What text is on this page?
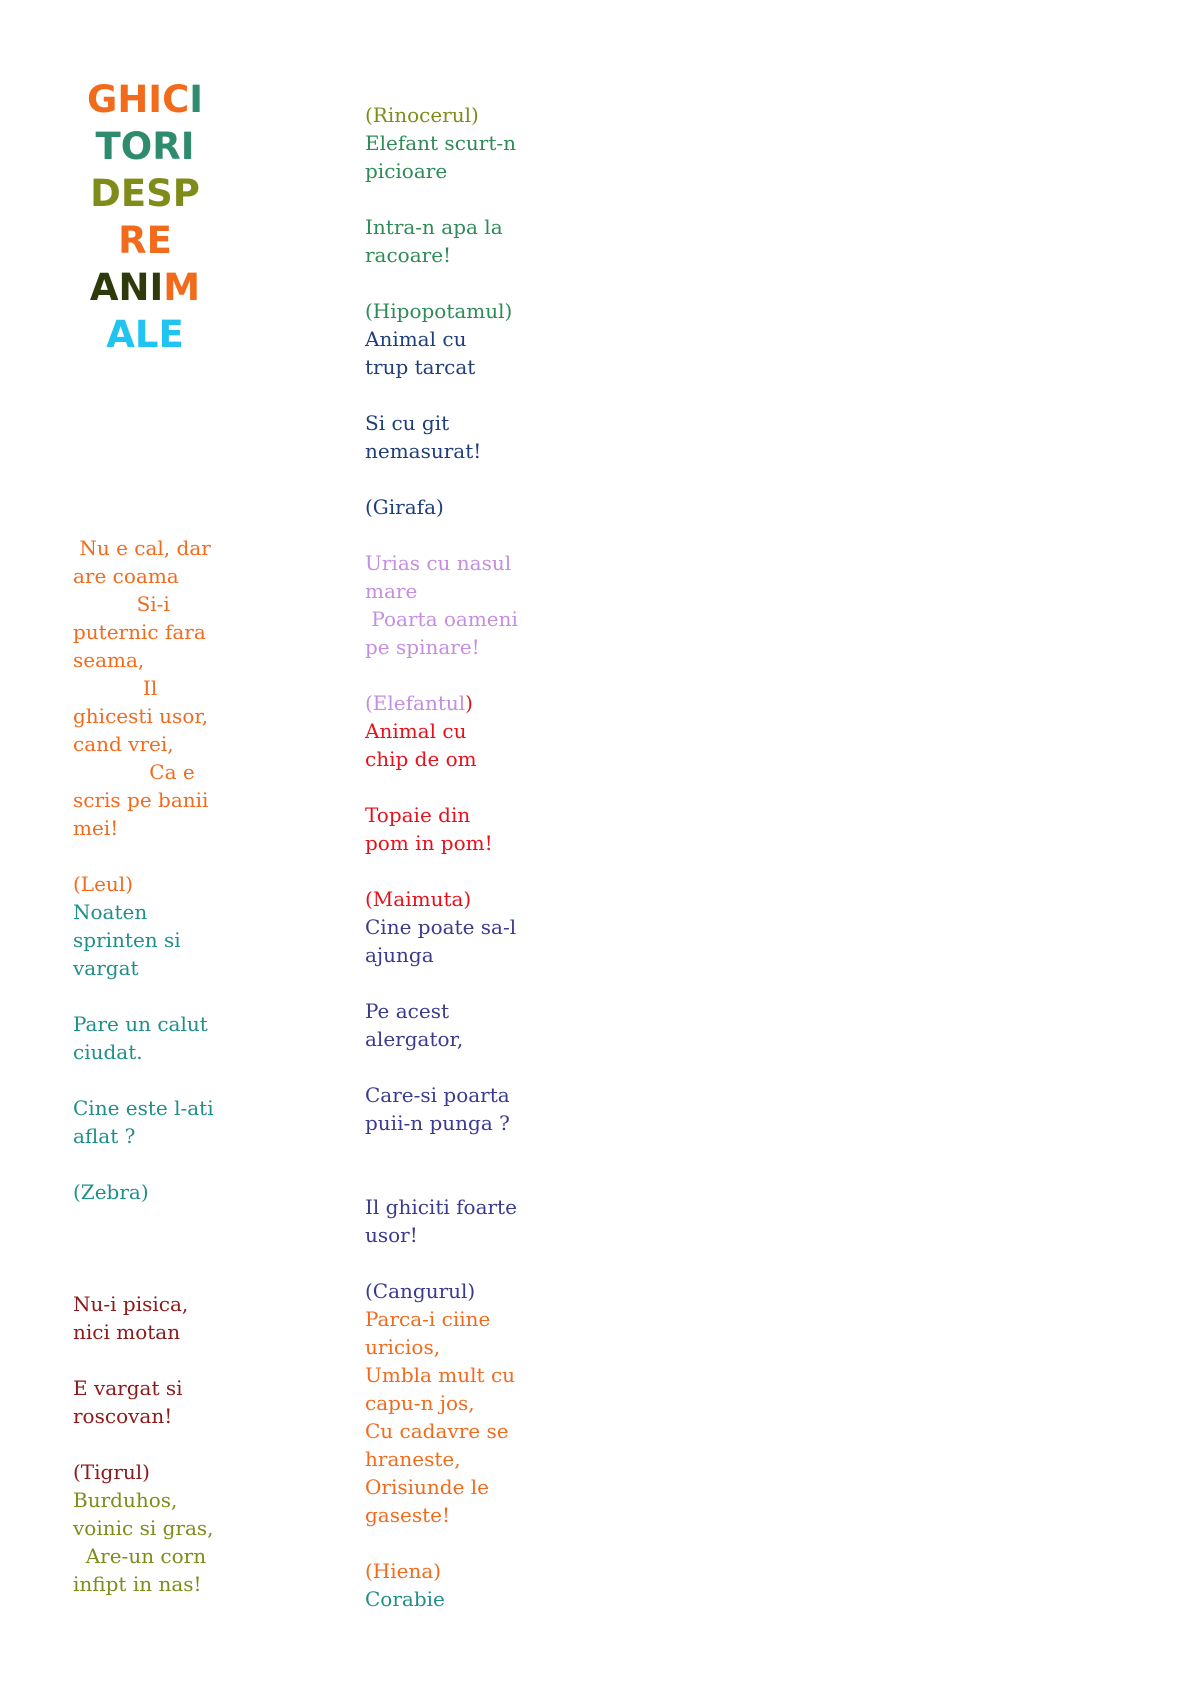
GHICI
TORI
DESP
RE
ANIM
ALE
Nu e cal, dar
are coama
Si-i
puternic fara
seama,
Il
ghicesti usor,
cand vrei,
Ca e
scris pe banii
mei!
(Leul)
Noaten
sprinten si
vargat
Pare un calut
ciudat.
Cine este l-ati
aflat ?
(Zebra)
Nu-i pisica,
nici motan
E vargat si
roscovan!
(Tigrul)
Burduhos,
voinic si gras,
Are-un corn
infipt in nas!
(Rinocerul)
Elefant scurt-n
picioare
Intra-n apa la
racoare!
(Hipopotamul)
Animal cu
trup tarcat
Si cu git
nemasurat!
(Girafa)
Urias cu nasul
mare
Poarta oameni
pe spinare!
(Elefantul)
Animal cu
chip de om
Topaie din
pom in pom!
(Maimuta)
Cine poate sa-l
ajunga
Pe acest
alergator,
Care-si poarta
puii-n punga ?
Il ghiciti foarte
usor!
(Cangurul)
Parca-i ciine
uricios,
Umbla mult cu
capu-n jos,
Cu cadavre se
hraneste,
Orisiunde le
gaseste!
(Hiena)
Corabie
